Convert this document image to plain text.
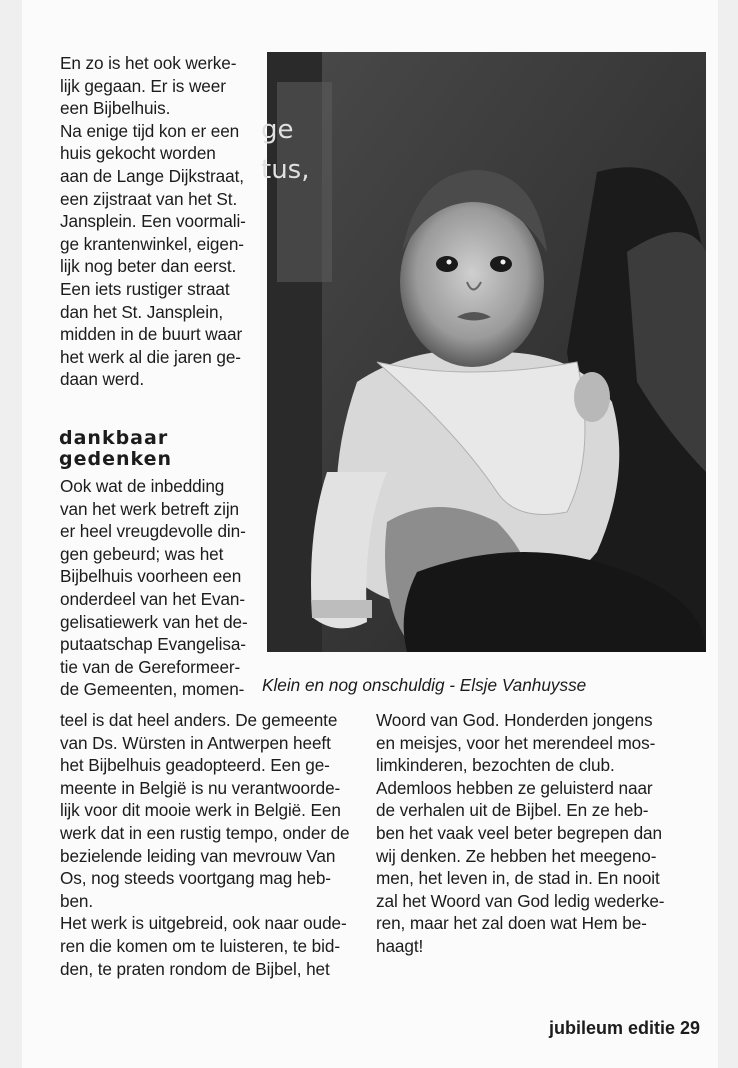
En zo is het ook werke-
lijk gegaan. Er is weer
een Bijbelhuis.
Na enige tijd kon er een
huis gekocht worden
aan de Lange Dijkstraat,
een zijstraat van het St.
Jansplein. Een voormali-
ge krantenwinkel, eigen-
lijk nog beter dan eerst.
Een iets rustiger straat
dan het St. Jansplein,
midden in de buurt waar
het werk al die jaren ge-
daan werd.
dankbaar
gedenken
Ook wat de inbedding
van het werk betreft zijn
er heel vreugdevolle din-
gen gebeurd; was het
Bijbelhuis voorheen een
onderdeel van het Evan-
gelisatiewerk van het de-
putaatschap Evangelisa-
tie van de Gereformeer-
de Gemeenten, momen-
teel is dat heel anders. De gemeente
van Ds. Würsten in Antwerpen heeft
het Bijbelhuis geadopteerd. Een ge-
meente in België is nu verantwoorde-
lijk voor dit mooie werk in België. Een
werk dat in een rustig tempo, onder de
bezielende leiding van mevrouw Van
Os, nog steeds voortgang mag heb-
ben.
Het werk is uitgebreid, ook naar oude-
ren die komen om te luisteren, te bid-
den, te praten rondom de Bijbel, het
Woord van God. Honderden jongens
en meisjes, voor het merendeel mos-
limkinderen, bezochten de club.
Ademloos hebben ze geluisterd naar
de verhalen uit de Bijbel. En ze heb-
ben het vaak veel beter begrepen dan
wij denken. Ze hebben het meegeno-
men, het leven in, de stad in. En nooit
zal het Woord van God ledig wederke-
ren, maar het zal doen wat Hem be-
haagt!
ge tus,
Klein en nog onschuldig - Elsje Vanhuysse
jubileum editie 29
